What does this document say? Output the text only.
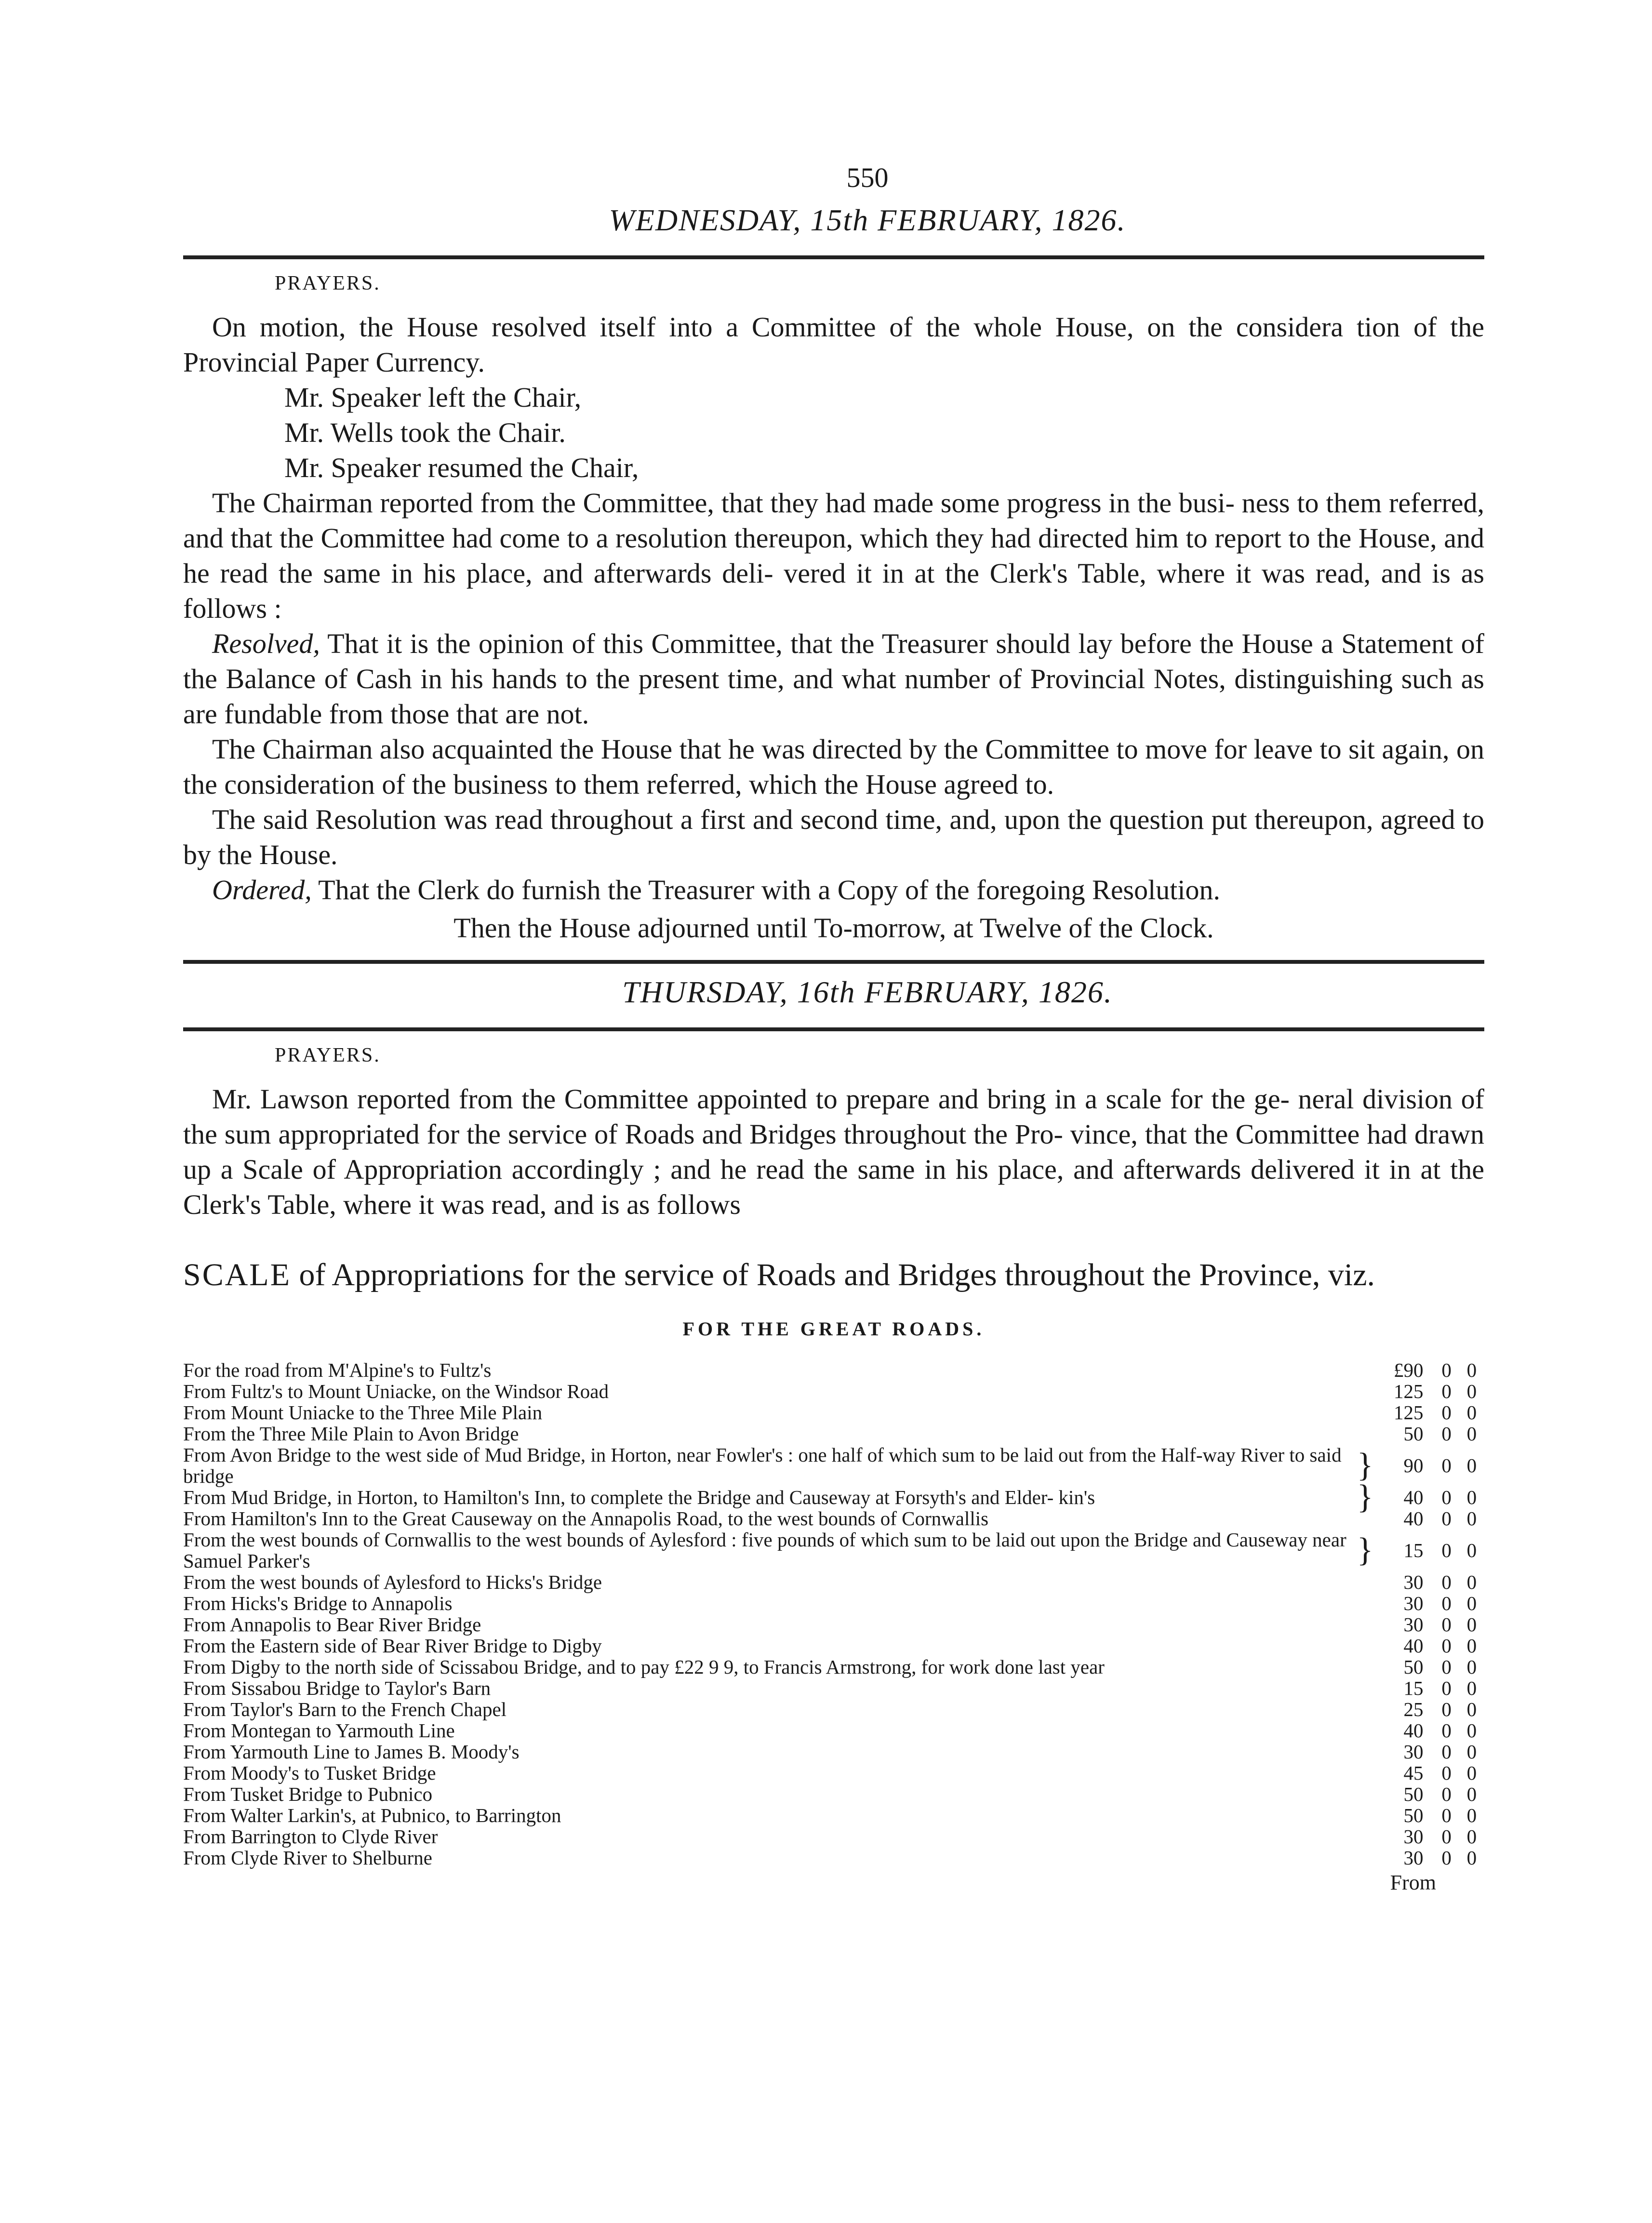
550
WEDNESDAY, 15th FEBRUARY, 1826.
PRAYERS.

On motion, the House resolved itself into a Committee of the whole House, on the considera tion of the Provincial Paper Currency.

Mr. Speaker left the Chair,

Mr. Wells took the Chair.

Mr. Speaker resumed the Chair,

The Chairman reported from the Committee, that they had made some progress in the busi- ness to them referred, and that the Committee had come to a resolution thereupon, which they had directed him to report to the House, and he read the same in his place, and afterwards deli- vered it in at the Clerk's Table, where it was read, and is as follows :

Resolved, That it is the opinion of this Committee, that the Treasurer should lay before the House a Statement of the Balance of Cash in his hands to the present time, and what number of Provincial Notes, distinguishing such as are fundable from those that are not.

The Chairman also acquainted the House that he was directed by the Committee to move for leave to sit again, on the consideration of the business to them referred, which the House agreed to.

The said Resolution was read throughout a first and second time, and, upon the question put thereupon, agreed to by the House.

Ordered, That the Clerk do furnish the Treasurer with a Copy of the foregoing Resolution.

Then the House adjourned until To-morrow, at Twelve of the Clock.

THURSDAY, 16th FEBRUARY, 1826.
PRAYERS.

Mr. Lawson reported from the Committee appointed to prepare and bring in a scale for the ge- neral division of the sum appropriated for the service of Roads and Bridges throughout the Pro- vince, that the Committee had drawn up a Scale of Appropriation accordingly ; and he read the same in his place, and afterwards delivered it in at the Clerk's Table, where it was read, and is as follows

SCALE of Appropriations for the service of Roads and Bridges throughout the Province, viz.
FOR THE GREAT ROADS.
For the road from M'Alpine's to Fultz's		£90	0	0
From Fultz's to Mount Uniacke, on the Windsor Road		125	0	0
From Mount Uniacke to the Three Mile Plain		125	0	0
From the Three Mile Plain to Avon Bridge		50	0	0
From Avon Bridge to the west side of Mud Bridge, in Horton, near Fowler's : one half of which sum to be laid out from the Half-way River to said bridge	}	90	0	0
From Mud Bridge, in Horton, to Hamilton's Inn, to complete the Bridge and Causeway at Forsyth's and Elder- kin's	}	40	0	0
From Hamilton's Inn to the Great Causeway on the Annapolis Road, to the west bounds of Cornwallis		40	0	0
From the west bounds of Cornwallis to the west bounds of Aylesford : five pounds of which sum to be laid out upon the Bridge and Causeway near Samuel Parker's	}	15	0	0
From the west bounds of Aylesford to Hicks's Bridge		30	0	0
From Hicks's Bridge to Annapolis		30	0	0
From Annapolis to Bear River Bridge		30	0	0
From the Eastern side of Bear River Bridge to Digby		40	0	0
From Digby to the north side of Scissabou Bridge, and to pay £22 9 9, to Francis Armstrong, for work done last year		50	0	0
From Sissabou Bridge to Taylor's Barn		15	0	0
From Taylor's Barn to the French Chapel		25	0	0
From Montegan to Yarmouth Line		40	0	0
From Yarmouth Line to James B. Moody's		30	0	0
From Moody's to Tusket Bridge		45	0	0
From Tusket Bridge to Pubnico		50	0	0
From Walter Larkin's, at Pubnico, to Barrington		50	0	0
From Barrington to Clyde River		30	0	0
From Clyde River to Shelburne		30	0	0
From
